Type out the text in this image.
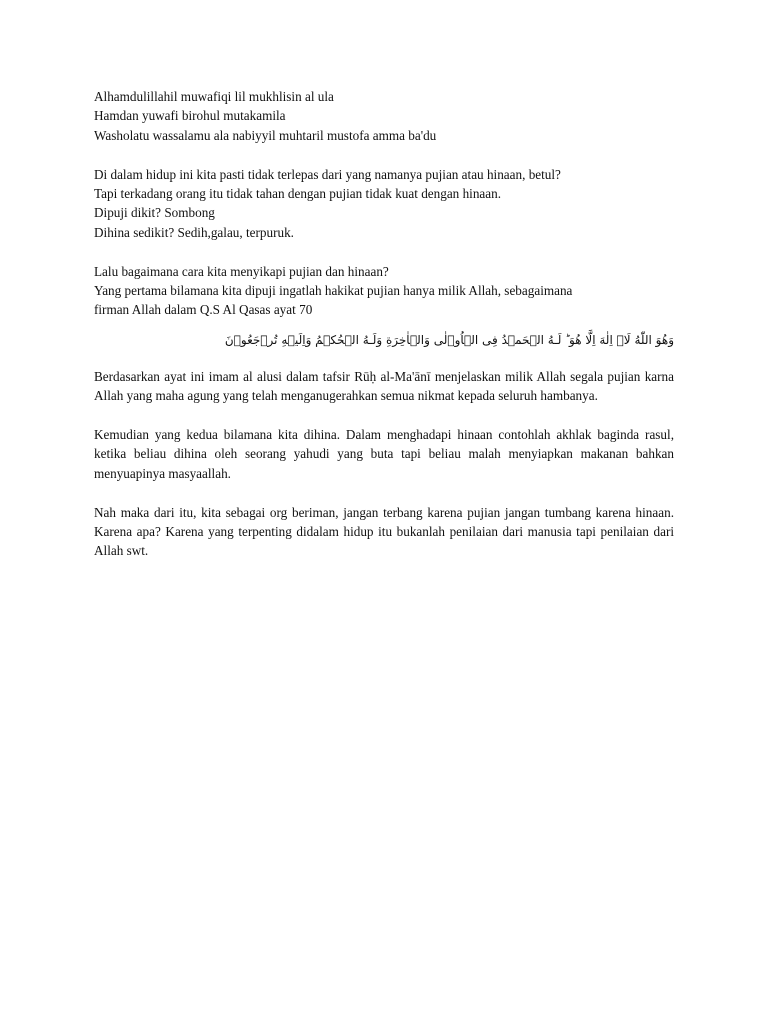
Alhamdulillahil muwafiqi lil mukhlisin al ula
Hamdan yuwafi birohul mutakamila
Washolatu wassalamu ala nabiyyil muhtaril mustofa amma ba'du
Di dalam hidup ini kita pasti tidak terlepas dari yang namanya pujian atau hinaan, betul?
Tapi terkadang orang itu tidak tahan dengan pujian tidak kuat dengan hinaan.
Dipuji dikit? Sombong
Dihina sedikit? Sedih,galau, terpuruk.
Lalu bagaimana cara kita menyikapi pujian dan hinaan?
Yang pertama bilamana kita dipuji ingatlah hakikat pujian hanya milik Allah, sebagaimana
firman Allah dalam Q.S Al Qasas ayat 70
وَهُوَ اللّٰهُ لَاۤ اِلٰهَ اِلَّا هُوَ ؕ لَـهُ الۡحَمۡدُ فِى الۡاُوۡلٰى وَالۡاٰخِرَةِ وَلَـهُ الۡحُكۡمُ وَاِلَيۡهِ تُرۡجَعُوۡنَ

Berdasarkan ayat ini imam al alusi dalam tafsir Rūḥ al-Ma'ānī menjelaskan milik Allah segala pujian karna Allah yang maha agung yang telah menganugerahkan semua nikmat kepada seluruh hambanya.

Kemudian yang kedua bilamana kita dihina. Dalam menghadapi hinaan contohlah akhlak baginda rasul, ketika beliau dihina oleh seorang yahudi yang buta tapi beliau malah menyiapkan makanan bahkan menyuapinya masyaallah.

Nah maka dari itu, kita sebagai org beriman, jangan terbang karena pujian jangan tumbang karena hinaan. Karena apa? Karena yang terpenting didalam hidup itu bukanlah penilaian dari manusia tapi penilaian dari Allah swt.
